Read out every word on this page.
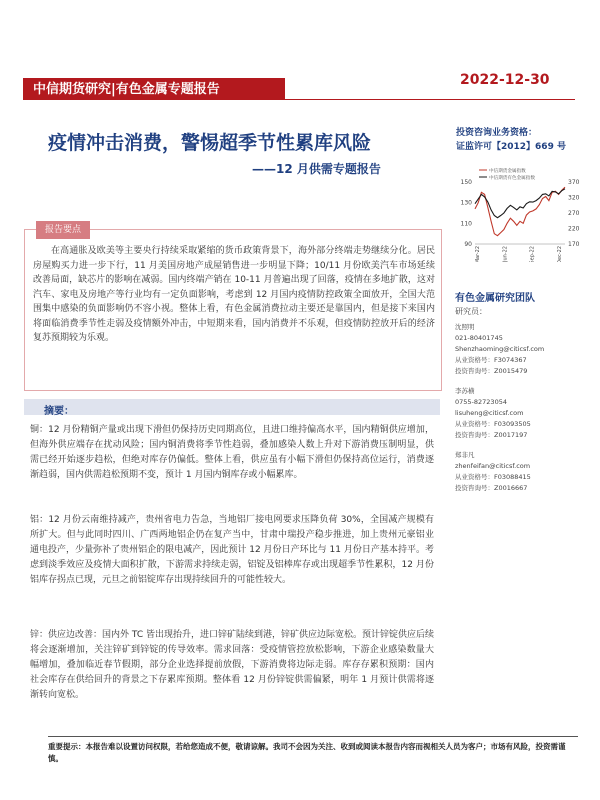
中信期货研究|有色金属专题报告
2022-12-30
疫情冲击消费，警惕超季节性累库风险
——12 月供需专题报告
投资咨询业务资格：
证监许可【2012】669 号
中信期货金属指数
中信期货有色金属指数
90
110
130
150
170
220
270
320
370
Mar-22	Jun-22	Sep-22	Dec-22
报告要点
在高通胀及欧美等主要央行持续采取紧缩的货币政策背景下，海外部分终端走势继续分化。居民房屋购买力进一步下行，11 月美国房地产成屋销售进一步明显下降；10/11 月份欧美汽车市场延续改善局面，缺芯片的影响在减弱。国内终端产销在 10-11 月普遍出现了回落，疫情在多地扩散，这对汽车、家电及房地产等行业均有一定负面影响，考虑到 12 月国内疫情防控政策全面放开，全国大范围集中感染的负面影响仍不容小视。整体上看，有色金属消费拉动主要还是靠国内，但是接下来国内将面临消费季节性走弱及疫情额外冲击，中短期来看，国内消费并不乐观，但疫情防控放开后的经济复苏预期较为乐观。
有色金属研究团队
研究员：
沈照明
021-80401745
Shenzhaoming@citicsf.com
从业资格号：F3074367
投资咨询号：Z0015479
李苏横
0755-82723054
lisuheng@citicsf.com
从业资格号：F03093505
投资咨询号：Z0017197
郑非凡
zhenfeifan@citicsf.com
从业资格号：F03088415
投资咨询号：Z0016667
摘要：
铜：12 月份精铜产量或出现下滑但仍保持历史同期高位，且进口维持偏高水平，国内精铜供应增加，但海外供应端存在扰动风险；国内铜消费将季节性趋弱，叠加感染人数上升对下游消费压制明显，供需已经开始逐步趋松，但绝对库存仍偏低。整体上看，供应虽有小幅下滑但仍保持高位运行，消费逐渐趋弱，国内供需趋松预期不变，预计 1 月国内铜库存或小幅累库。
铝：12 月份云南维持减产，贵州省电力告急，当地铝厂接电网要求压降负荷 30%，全国减产规模有所扩大。但与此同时四川、广西两地铝企仍在复产当中，甘肃中瑞投产稳步推进，加上贵州元豪铝业通电投产，少量弥补了贵州铝企的限电减产，因此预计 12 月份日产环比与 11 月份日产基本持平。考虑到淡季效应及疫情大面积扩散，下游需求持续走弱，铝锭及铝棒库存或出现超季节性累积，12 月份铝库存拐点已现，元旦之前铝锭库存出现持续回升的可能性较大。
锌：供应边改善：国内外 TC 皆出现抬升，进口锌矿陆续到港，锌矿供应边际宽松。预计锌锭供应后续将会逐渐增加，关注锌矿到锌锭的传导效率。需求回落：受疫情管控放松影响，下游企业感染数量大幅增加，叠加临近春节假期，部分企业选择提前放假，下游消费将边际走弱。库存存累积预期：国内社会库存在供给回升的背景之下存累库预期。整体看 12 月份锌锭供需偏紧，明年 1 月预计供需将逐渐转向宽松。
重要提示：本报告难以设置访问权限，若给您造成不便，敬请谅解。我司不会因为关注、收到或阅读本报告内容而视相关人员为客户；市场有风险，投资需谨慎。
